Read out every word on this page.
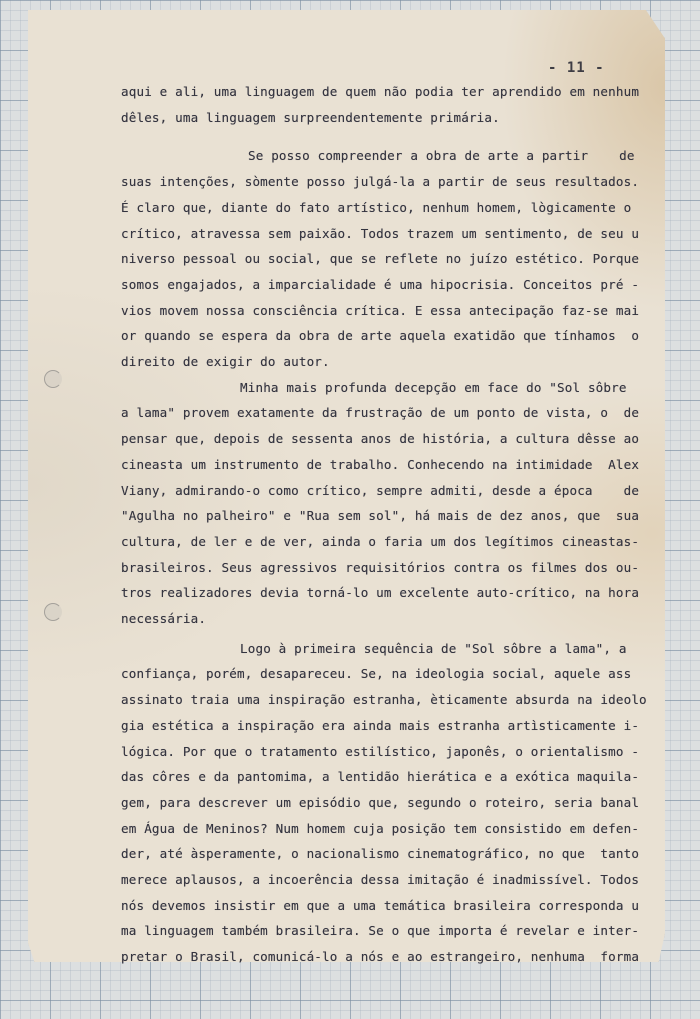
- 11 -
aqui e ali, uma linguagem de quem não podia ter aprendido em nenhum
dêles, uma linguagem surpreendentemente primária.
Se posso compreender a obra de arte a partir    de
suas intenções, sòmente posso julgá-la a partir de seus resultados.
É claro que, diante do fato artístico, nenhum homem, lògicamente o
crítico, atravessa sem paixão. Todos trazem um sentimento, de seu u
niverso pessoal ou social, que se reflete no juízo estético. Porque
somos engajados, a imparcialidade é uma hipocrisia. Conceitos pré -
vios movem nossa consciência crítica. E essa antecipação faz-se mai
or quando se espera da obra de arte aquela exatidão que tínhamos  o
direito de exigir do autor.
Minha mais profunda decepção em face do "Sol sôbre
a lama" provem exatamente da frustração de um ponto de vista, o  de
pensar que, depois de sessenta anos de história, a cultura dêsse ao
cineasta um instrumento de trabalho. Conhecendo na intimidade  Alex
Viany, admirando-o como crítico, sempre admiti, desde a época    de
"Agulha no palheiro" e "Rua sem sol", há mais de dez anos, que  sua
cultura, de ler e de ver, ainda o faria um dos legítimos cineastas-
brasileiros. Seus agressivos requisitórios contra os filmes dos ou-
tros realizadores devia torná-lo um excelente auto-crítico, na hora
necessária.
Logo à primeira sequência de "Sol sôbre a lama", a
confiança, porém, desapareceu. Se, na ideologia social, aquele ass
assinato traia uma inspiração estranha, èticamente absurda na ideolo
gia estética a inspiração era ainda mais estranha artìsticamente i-
lógica. Por que o tratamento estilístico, japonês, o orientalismo -
das côres e da pantomima, a lentidão hierática e a exótica maquila-
gem, para descrever um episódio que, segundo o roteiro, seria banal
em Água de Meninos? Num homem cuja posição tem consistido em defen-
der, até àsperamente, o nacionalismo cinematográfico, no que  tanto
merece aplausos, a incoerência dessa imitação é inadmissível. Todos
nós devemos insistir em que a uma temática brasileira corresponda u
ma linguagem também brasileira. Se o que importa é revelar e inter-
pretar o Brasil, comunicá-lo a nós e ao estrangeiro, nenhuma  forma
